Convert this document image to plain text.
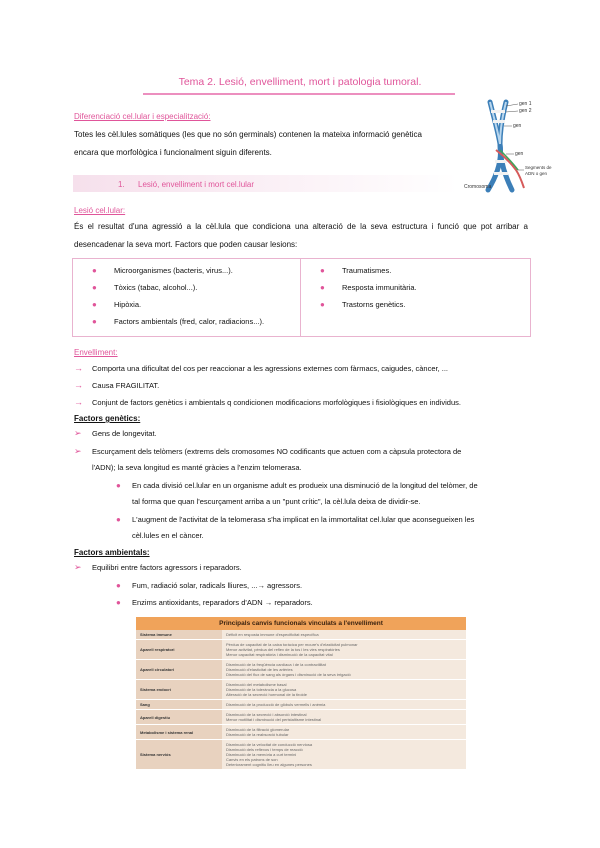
Tema 2. Lesió, envelliment, mort i patologia tumoral.
Diferenciació cel.lular i especialització:
Totes les cèl.lules somàtiques (les que no són germinals) contenen la mateixa informació genètica encara que morfològica i funcionalment siguin diferents.
gen 1
gen 2
gen
gen
Segments de ADN o gen
Cromosoma
1. Lesió, envelliment i mort cel.lular
Lesió cel.lular:
És el resultat d'una agressió a la cèl.lula que condiciona una alteració de la seva estructura i funció que pot arribar a desencadenar la seva mort. Factors que poden causar lesions:
●	Microorganismes (bacteris, virus...).
●	Tòxics (tabac, alcohol...).
●	Hipòxia.
●	Factors ambientals (fred, calor, radiacions...).
●	Traumatismes.
●	Resposta immunitària.
●	Trastorns genètics.
Envelliment:
→ Comporta una dificultat del cos per reaccionar a les agressions externes com fàrmacs, caigudes, càncer, ...
→ Causa FRAGILITAT.
→ Conjunt de factors genètics i ambientals q condicionen modificacions morfològiques i fisiològiques en individus.
Factors genètics:
➢ Gens de longevitat.
➢ Escurçament dels telòmers (extrems dels cromosomes NO codificants que actuen com a càpsula protectora de
l'ADN); la seva longitud es manté gràcies a l'enzim telomerasa.
● En cada divisió cel.lular en un organisme adult es produeix una disminució de la longitud del telòmer, de
tal forma que quan l'escurçament arriba a un "punt crític", la cèl.lula deixa de dividir-se.
● L'augment de l'activitat de la telomerasa s'ha implicat en la immortalitat cel.lular que aconsegueixen les
cèl.lules en el càncer.
Factors ambientals:
➢ Equilibri entre factors agressors i reparadors.
● Fum, radiació solar, radicals lliures, ...→ agressors.
● Enzims antioxidants, reparadors d'ADN → reparadors.
Principals canvis funcionals vinculats a l'envelliment
Sistema immune	Déficit en resposta immune d'especificitat específica

Aparell respiratori	Pèrdua de capacitat de la caixa toràcica per moure's d'elasticitat pulmonar
Menor activitat, pèrdua del reflex de la tos i les vies respiratòries
Menor capacitat respiratòria i disminució de la capacitat vital

Aparell circulatori	Disminució de la freqüència cardíaca i de la contractilitat
Disminució d'elasticitat de les artèries
Disminució del flux de sang als òrgans i disminució de la seva irrigació

Sistema endocrí	Disminució del metabolisme basal
Disminució de la tolerància a la glucosa
Alteració de la secreció hormonal de la tiroide

Sang	Disminució de la producció de glòbuls vermells i anèmia

Aparell digestiu	Disminució de la secreció i absorció intestinal
Menor motilitat i disminució del peristaltisme intestinal

Metabolisme i sistema renal	Disminució de la filtració glomerular
Disminució de la reabsorció tubular

Sistema nerviós	Disminució de la velocitat de conducció nerviosa
Disminució dels reflexos i temps de reacció
Disminució de la memòria a curt termini
Canvis en els patrons de son
Deteriorament cognitiu lleu en algunes persones
